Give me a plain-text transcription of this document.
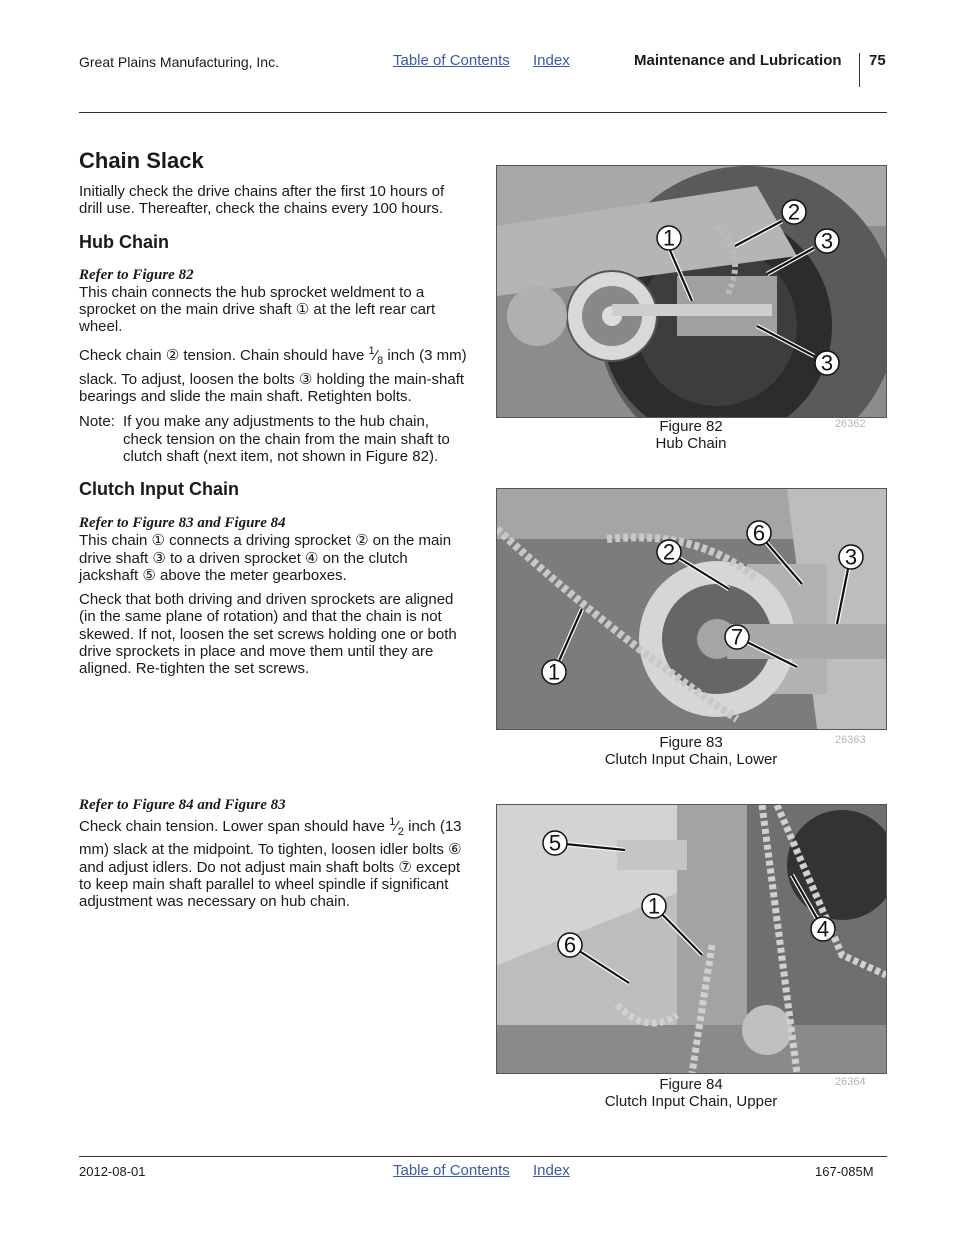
Great Plains Manufacturing, Inc.	Table of Contents Index	Maintenance and Lubrication 75
Chain Slack

Initially check the drive chains after the first 10 hours of drill use. Thereafter, check the chains every 100 hours.

Hub Chain
Refer to Figure 82

This chain connects the hub sprocket weldment to a sprocket on the main drive shaft ① at the left rear cart wheel.

Check chain ② tension. Chain should have $^1⁄_8$ inch (3 mm) slack. To adjust, loosen the bolts ③ holding the main-shaft bearings and slide the main shaft. Retighten bolts.

Note: If you make any adjustments to the hub chain, check tension on the chain from the main shaft to clutch shaft (next item, not shown in Figure 82).

Clutch Input Chain
Refer to Figure 83 and Figure 84

This chain ① connects a driving sprocket ② on the main drive shaft ③ to a driven sprocket ④ on the clutch jackshaft ⑤ above the meter gearboxes.

Check that both driving and driven sprockets are aligned (in the same plane of rotation) and that the chain is not skewed. If not, loosen the set screws holding one or both drive sprockets in place and move them until they are aligned. Re-tighten the set screws.

Refer to Figure 84 and Figure 83

Check chain tension. Lower span should have $^1⁄_2$ inch (13 mm) slack at the midpoint. To tighten, loosen idler bolts ⑥ and adjust idlers. Do not adjust main shaft bolts ⑦ except to keep main shaft parallel to wheel spindle if significant adjustment was necessary on hub chain.

1
2
3
3
Figure 82
Hub Chain
26362
2
6
3
7
1
Figure 83
Clutch Input Chain, Lower
26363
5
1
4
6
Figure 84
Clutch Input Chain, Upper
26364
2012-08-01	Table of Contents Index	167-085M
